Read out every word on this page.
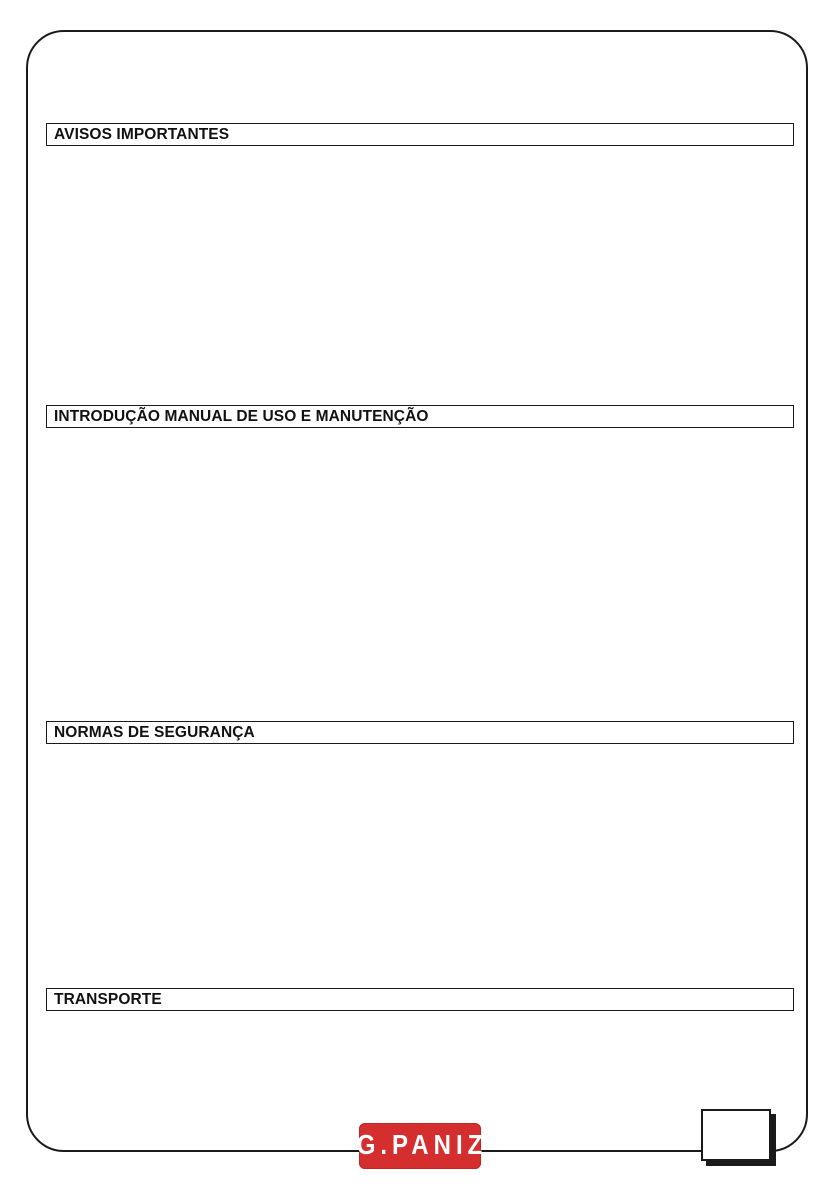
AVISOS IMPORTANTES
INTRODUÇÃO MANUAL DE USO E MANUTENÇÃO
NORMAS DE SEGURANÇA
TRANSPORTE
G.PANIZ
